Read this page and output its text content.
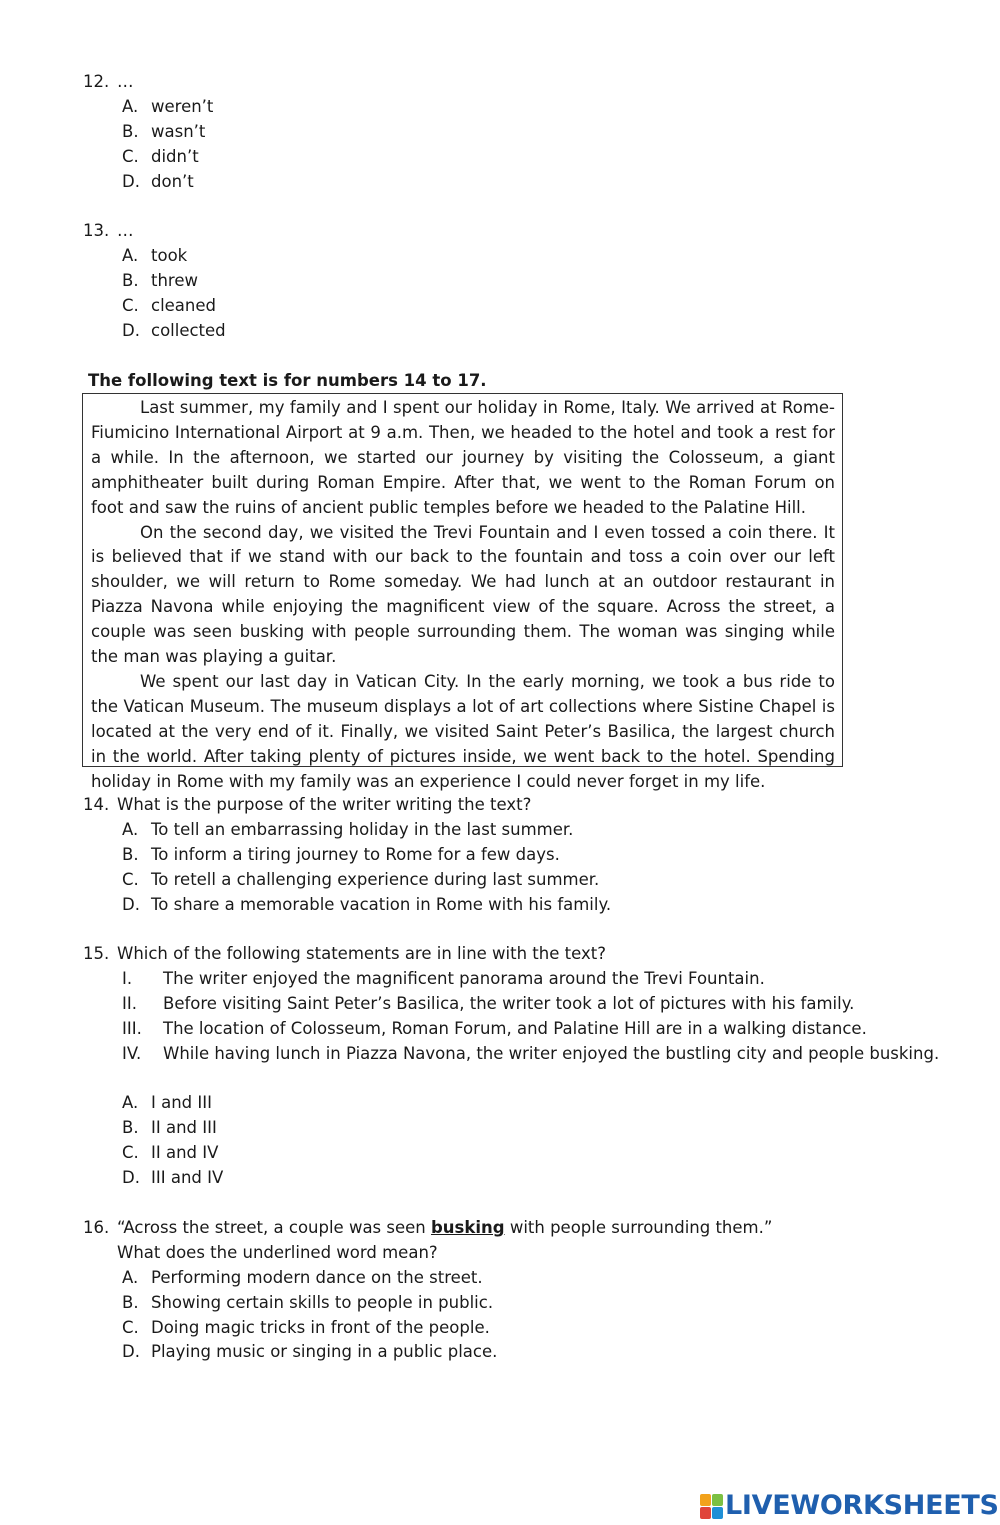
12. …
A. weren’t
B. wasn’t
C. didn’t
D. don’t
13. …
A. took
B. threw
C. cleaned
D. collected
The following text is for numbers 14 to 17.

Last summer, my family and I spent our holiday in Rome, Italy. We arrived at Rome-Fiumicino International Airport at 9 a.m. Then, we headed to the hotel and took a rest for a while. In the afternoon, we started our journey by visiting the Colosseum, a giant amphitheater built during Roman Empire. After that, we went to the Roman Forum on foot and saw the ruins of ancient public temples before we headed to the Palatine Hill.

On the second day, we visited the Trevi Fountain and I even tossed a coin there. It is believed that if we stand with our back to the fountain and toss a coin over our left shoulder, we will return to Rome someday. We had lunch at an outdoor restaurant in Piazza Navona while enjoying the magnificent view of the square. Across the street, a couple was seen busking with people surrounding them. The woman was singing while the man was playing a guitar.

We spent our last day in Vatican City. In the early morning, we took a bus ride to the Vatican Museum. The museum displays a lot of art collections where Sistine Chapel is located at the very end of it. Finally, we visited Saint Peter’s Basilica, the largest church in the world. After taking plenty of pictures inside, we went back to the hotel. Spending holiday in Rome with my family was an experience I could never forget in my life.

14. What is the purpose of the writer writing the text?
A. To tell an embarrassing holiday in the last summer.
B. To inform a tiring journey to Rome for a few days.
C. To retell a challenging experience during last summer.
D. To share a memorable vacation in Rome with his family.
15. Which of the following statements are in line with the text?
I. The writer enjoyed the magnificent panorama around the Trevi Fountain.
II. Before visiting Saint Peter’s Basilica, the writer took a lot of pictures with his family.
III. The location of Colosseum, Roman Forum, and Palatine Hill are in a walking distance.
IV. While having lunch in Piazza Navona, the writer enjoyed the bustling city and people busking.
A. I and III
B. II and III
C. II and IV
D. III and IV
16. “Across the street, a couple was seen busking with people surrounding them.”
What does the underlined word mean?
A. Performing modern dance on the street.
B. Showing certain skills to people in public.
C. Doing magic tricks in front of the people.
D. Playing music or singing in a public place.
LIVEWORKSHEETS
